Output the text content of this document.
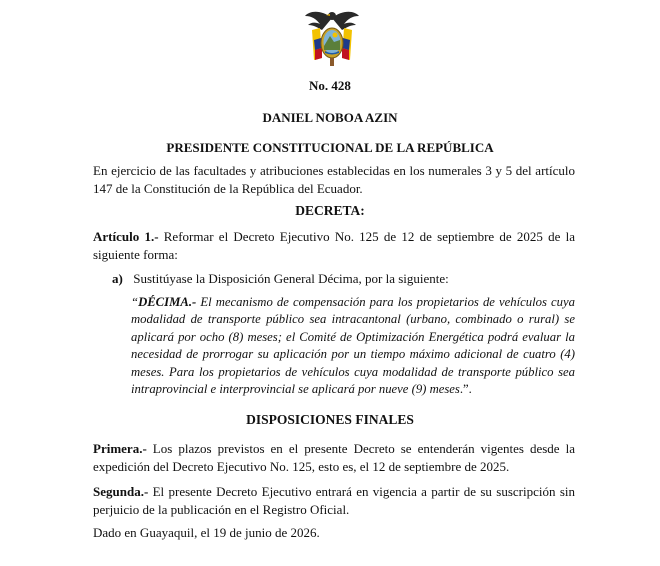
No. 428
DANIEL NOBOA AZIN
PRESIDENTE CONSTITUCIONAL DE LA REPÚBLICA
En ejercicio de las facultades y atribuciones establecidas en los numerales 3 y 5 del artículo 147 de la Constitución de la República del Ecuador.
DECRETA:
Artículo 1.- Reformar el Decreto Ejecutivo No. 125 de 12 de septiembre de 2025 de la siguiente forma:
a) Sustitúyase la Disposición General Décima, por la siguiente:
“DÉCIMA.- El mecanismo de compensación para los propietarios de vehículos cuya modalidad de transporte público sea intracantonal (urbano, combinado o rural) se aplicará por ocho (8) meses; el Comité de Optimización Energética podrá evaluar la necesidad de prorrogar su aplicación por un tiempo máximo adicional de cuatro (4) meses. Para los propietarios de vehículos cuya modalidad de transporte público sea intraprovincial e interprovincial se aplicará por nueve (9) meses.”.
DISPOSICIONES FINALES
Primera.- Los plazos previstos en el presente Decreto se entenderán vigentes desde la expedición del Decreto Ejecutivo No. 125, esto es, el 12 de septiembre de 2025.
Segunda.- El presente Decreto Ejecutivo entrará en vigencia a partir de su suscripción sin perjuicio de la publicación en el Registro Oficial.
Dado en Guayaquil, el 19 de junio de 2026.
